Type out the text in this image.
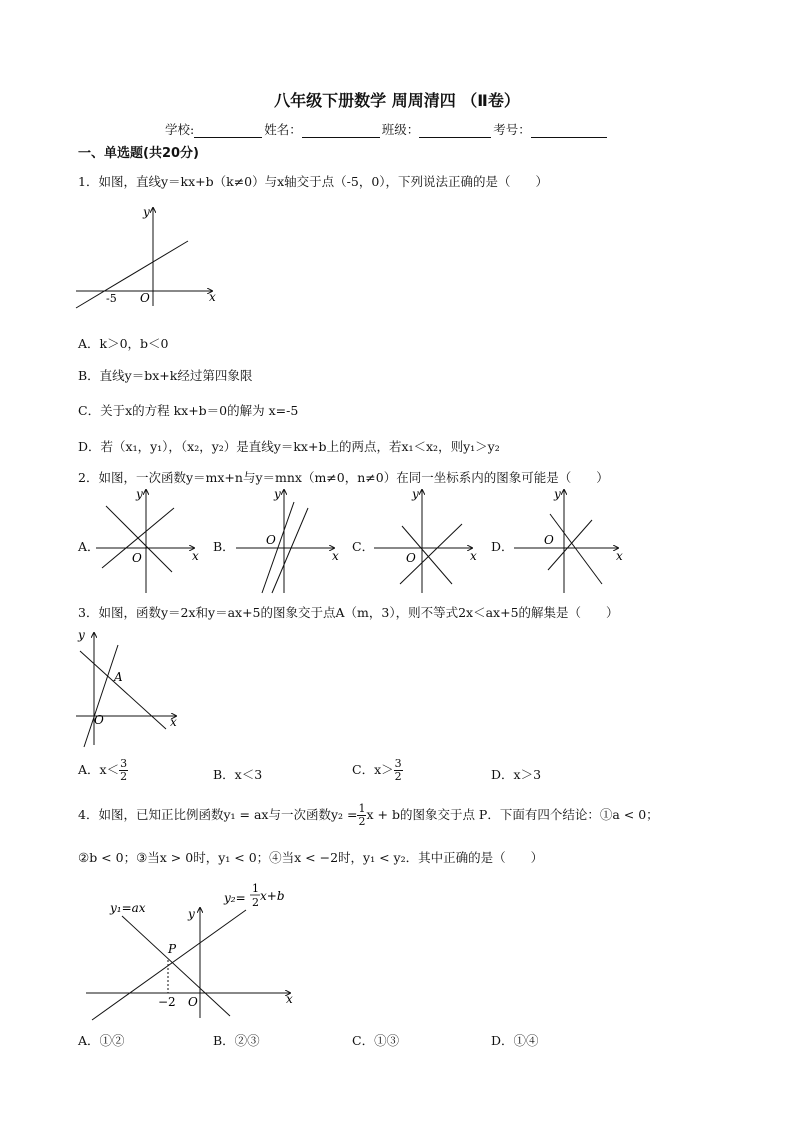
八年级下册数学 周周清四 （Ⅱ卷）
学校:	姓名：	班级：	考号：
一、单选题(共20分)
1．如图，直线y＝kx+b（k≠0）与x轴交于点（-5，0），下列说法正确的是（　　）
y
x
O
-5
A．k＞0，b＜0
B．直线y＝bx+k经过第四象限
C．关于x的方程 kx+b＝0的解为 x=-5
D．若（x₁，y₁），（x₂，y₂）是直线y＝kx+b上的两点，若x₁＜x₂，则y₁＞y₂
2．如图，一次函数y＝mx+n与y＝mnx（m≠0，n≠0）在同一坐标系内的图象可能是（　　）
A．
y
x
O
B．
y
x
O	C．
y
x
O
D．
y
x
O
3．如图，函数y＝2x和y＝ax+5的图象交于点A（m，3），则不等式2x＜ax+5的解集是（　　）
y
x
O
A
A．$x< \frac{3}{2}$	B．x＜3	C．$x> \frac{3}{2}$	D．x＞3
4．如图，已知正比例函数y₁ = ax与一次函数$y_2 = \frac{1}{2}$ x + b的图象交于点 P．下面有四个结论：①a < 0；
②b < 0；③当x > 0时，y₁ < 0；④当x < −2时，y₁ < y₂．其中正确的是（　　）
y₁=ax
y₂=
1
2 x+b
y
x
O
P
−2
A．①②	B．②③	C．①③	D．①④
